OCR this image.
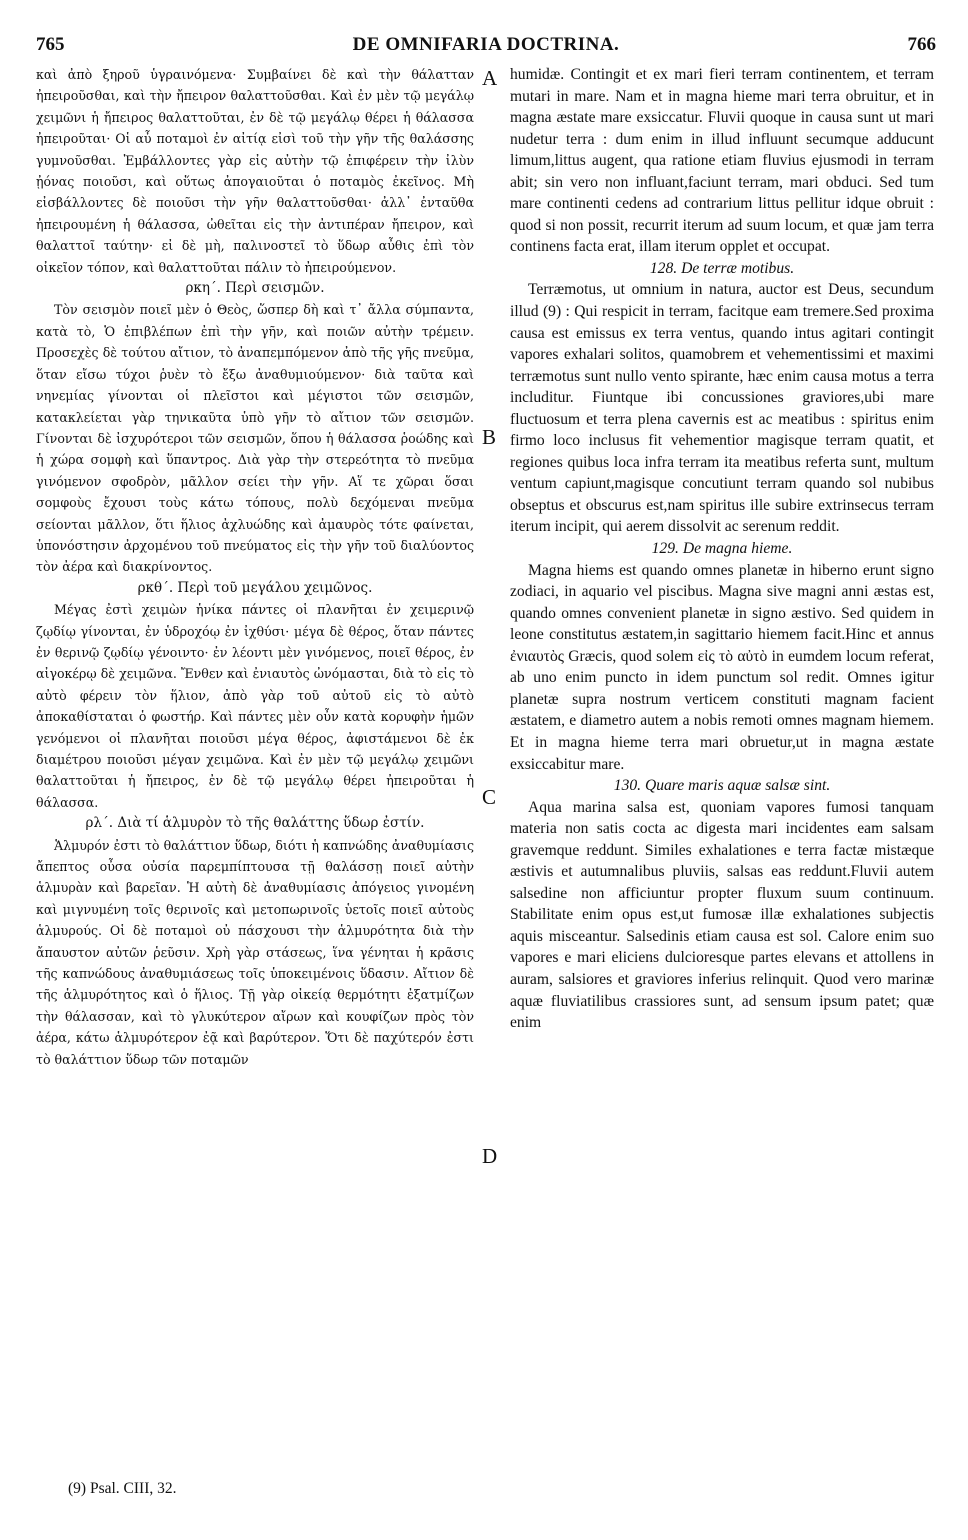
765	DE OMNIFARIA DOCTRINA.	766

καὶ ἀπὸ ξηροῦ ὑγραινόμενα· Συμβαίνει δὲ καὶ τὴν θάλατταν ἠπειροῦσθαι, καὶ τὴν ἤπειρον θαλαττοῦσθαι. Καὶ ἐν μὲν τῷ μεγάλῳ χειμῶνι ἡ ἤπειρος θαλαττοῦται, ἐν δὲ τῷ μεγάλῳ θέρει ἡ θάλασσα ἠπειροῦται· Οἱ αὖ ποταμοὶ ἐν αἰτίᾳ εἰσὶ τοῦ τὴν γῆν τῆς θαλάσσης γυμνοῦσθαι. Ἐμβάλλοντες γὰρ εἰς αὐτὴν τῷ ἐπιφέρειν τὴν ἰλὺν ᾐόνας ποιοῦσι, καὶ οὕτως ἀπογαιοῦται ὁ ποταμὸς ἐκεῖνος. Μὴ εἰσβάλλοντες δὲ ποιοῦσι τὴν γῆν θαλαττοῦσθαι· ἀλλ᾽ ἐνταῦθα ἠπειρουμένη ἡ θάλασσα, ὠθεῖται εἰς τὴν ἀντιπέραν ἤπειρον, καὶ θαλαττοῖ ταύτην· εἰ δὲ μὴ, παλινοστεῖ τὸ ὕδωρ αὖθις ἐπὶ τὸν οἰκεῖον τόπον, καὶ θαλαττοῦται πάλιν τὸ ἠπειρούμενον.

ρκη΄. Περὶ σεισμῶν.

Τὸν σεισμὸν ποιεῖ μὲν ὁ Θεὸς, ὥσπερ δὴ καὶ τ᾽ ἄλλα σύμπαντα, κατὰ τὸ, Ὁ ἐπιβλέπων ἐπὶ τὴν γῆν, καὶ ποιῶν αὐτὴν τρέμειν. Προσεχὲς δὲ τούτου αἴτιον, τὸ ἀναπεμπόμενον ἀπὸ τῆς γῆς πνεῦμα, ὅταν εἴσω τύχοι ῥυὲν τὸ ἔξω ἀναθυμιούμενον· διὰ ταῦτα καὶ νηνεμίας γίνονται οἱ πλεῖστοι καὶ μέγιστοι τῶν σεισμῶν, κατακλείεται γὰρ τηνικαῦτα ὑπὸ γῆν τὸ αἴτιον τῶν σεισμῶν. Γίνονται δὲ ἰσχυρότεροι τῶν σεισμῶν, ὅπου ἡ θάλασσα ῥοώδης καὶ ἡ χώρα σομφὴ καὶ ὕπαντρος. Διὰ γὰρ τὴν στερεότητα τὸ πνεῦμα γινόμενον σφοδρὸν, μᾶλλον σείει τὴν γῆν. Αἵ τε χῶραι ὅσαι σομφοὺς ἔχουσι τοὺς κάτω τόπους, πολὺ δεχόμεναι πνεῦμα σείονται μᾶλλον, ὅτι ἥλιος ἀχλυώδης καὶ ἀμαυρὸς τότε φαίνεται, ὑπονόστησιν ἀρχομένου τοῦ πνεύματος εἰς τὴν γῆν τοῦ διαλύοντος τὸν ἀέρα καὶ διακρίνοντος.

ρκθ΄. Περὶ τοῦ μεγάλου χειμῶνος.

Μέγας ἐστὶ χειμὼν ἡνίκα πάντες οἱ πλανῆται ἐν χειμερινῷ ζῳδίῳ γίνονται, ἐν ὑδροχόῳ ἐν ἰχθύσι· μέγα δὲ θέρος, ὅταν πάντες ἐν θερινῷ ζῳδίῳ γένοιντο· ἐν λέοντι μὲν γινόμενος, ποιεῖ θέρος, ἐν αἰγοκέρῳ δὲ χειμῶνα. Ἔνθεν καὶ ἐνιαυτὸς ὠνόμασται, διὰ τὸ εἰς τὸ αὐτὸ φέρειν τὸν ἥλιον, ἀπὸ γὰρ τοῦ αὐτοῦ εἰς τὸ αὐτὸ ἀποκαθίσταται ὁ φωστήρ. Καὶ πάντες μὲν οὖν κατὰ κορυφὴν ἡμῶν γενόμενοι οἱ πλανῆται ποιοῦσι μέγα θέρος, ἀφιστάμενοι δὲ ἐκ διαμέτρου ποιοῦσι μέγαν χειμῶνα. Καὶ ἐν μὲν τῷ μεγάλῳ χειμῶνι θαλαττοῦται ἡ ἤπειρος, ἐν δὲ τῷ μεγάλῳ θέρει ἠπειροῦται ἡ θάλασσα.

ρλ΄. Διὰ τί ἁλμυρὸν τὸ τῆς θαλάττης ὕδωρ ἐστίν.

Ἁλμυρόν ἐστι τὸ θαλάττιον ὕδωρ, διότι ἡ καπνώδης ἀναθυμίασις ἄπεπτος οὖσα οὐσία παρεμπίπτουσα τῇ θαλάσσῃ ποιεῖ αὐτὴν ἁλμυρὰν καὶ βαρεῖαν. Ἡ αὐτὴ δὲ ἀναθυμίασις ἀπόγειος γινομένη καὶ μιγνυμένη τοῖς θερινοῖς καὶ μετοπωρινοῖς ὑετοῖς ποιεῖ αὐτοὺς ἁλμυρούς. Οἱ δὲ ποταμοὶ οὐ πάσχουσι τὴν ἁλμυρότητα διὰ τὴν ἄπαυστον αὐτῶν ῥεῦσιν. Χρὴ γὰρ στάσεως, ἵνα γένηται ἡ κρᾶσις τῆς καπνώδους ἀναθυμιάσεως τοῖς ὑποκειμένοις ὕδασιν. Αἴτιον δὲ τῆς ἁλμυρότητος καὶ ὁ ἥλιος. Τῇ γὰρ οἰκείᾳ θερμότητι ἐξατμίζων τὴν θάλασσαν, καὶ τὸ γλυκύτερον αἴρων καὶ κουφίζων πρὸς τὸν ἀέρα, κάτω ἁλμυρότερον ἐᾷ καὶ βαρύτερον. Ὅτι δὲ παχύτερόν ἐστι τὸ θαλάττιον ὕδωρ τῶν ποταμῶν

A
B
C
D

humidæ. Contingit et ex mari fieri terram continentem, et terram mutari in mare. Nam et in magna hieme mari terra obruitur, et in magna æstate mare exsiccatur. Fluvii quoque in causa sunt ut mari nudetur terra : dum enim in illud influunt secumque adducunt limum,littus augent, qua ratione etiam fluvius ejusmodi in terram abit; sin vero non influant,faciunt terram, mari obduci. Sed tum mare continenti cedens ad contrarium littus pellitur idque obruit : quod si non possit, recurrit iterum ad suum locum, et quæ jam terra continens facta erat, illam iterum opplet et occupat.

128. De terræ motibus.

Terræmotus, ut omnium in natura, auctor est Deus, secundum illud (9) : Qui respicit in terram, facitque eam tremere.Sed proxima causa est emissus ex terra ventus, quando intus agitari contingit vapores exhalari solitos, quamobrem et vehementissimi et maximi terræmotus sunt nullo vento spirante, hæc enim causa motus a terra includitur. Fiuntque ibi concussiones graviores,ubi mare fluctuosum et terra plena cavernis est ac meatibus : spiritus enim firmo loco inclusus fit vehementior magisque terram quatit, et regiones quibus loca infra terram ita meatibus referta sunt, multum ventum capiunt,magisque concutiunt terram quando sol nubibus obseptus et obscurus est,nam spiritus ille subire extrinsecus terram iterum incipit, qui aerem dissolvit ac serenum reddit.

129. De magna hieme.

Magna hiems est quando omnes planetæ in hiberno erunt signo zodiaci, in aquario vel piscibus. Magna sive magni anni æstas est, quando omnes convenient planetæ in signo æstivo. Sed quidem in leone constitutus æstatem,in sagittario hiemem facit.Hinc et annus ἐνιαυτὸς Græcis, quod solem εἰς τὸ αὐτὸ in eumdem locum referat, ab uno enim puncto in idem punctum sol redit. Omnes igitur planetæ supra nostrum verticem constituti magnam facient æstatem, e diametro autem a nobis remoti omnes magnam hiemem. Et in magna hieme terra mari obruetur,ut in magna æstate exsiccabitur mare.

130. Quare maris aquæ salsæ sint.

Aqua marina salsa est, quoniam vapores fumosi tanquam materia non satis cocta ac digesta mari incidentes eam salsam gravemque reddunt. Similes exhalationes e terra factæ mistæque æstivis et autumnalibus pluviis, salsas eas reddunt.Fluvii autem salsedine non afficiuntur propter fluxum suum continuum. Stabilitate enim opus est,ut fumosæ illæ exhalationes subjectis aquis misceantur. Salsedinis etiam causa est sol. Calore enim suo vapores e mari eliciens dulcioresque partes elevans et attollens in auram, salsiores et graviores inferius relinquit. Quod vero marinæ aquæ fluviatilibus crassiores sunt, ad sensum ipsum patet; quæ enim

(9) Psal. CIII, 32.
